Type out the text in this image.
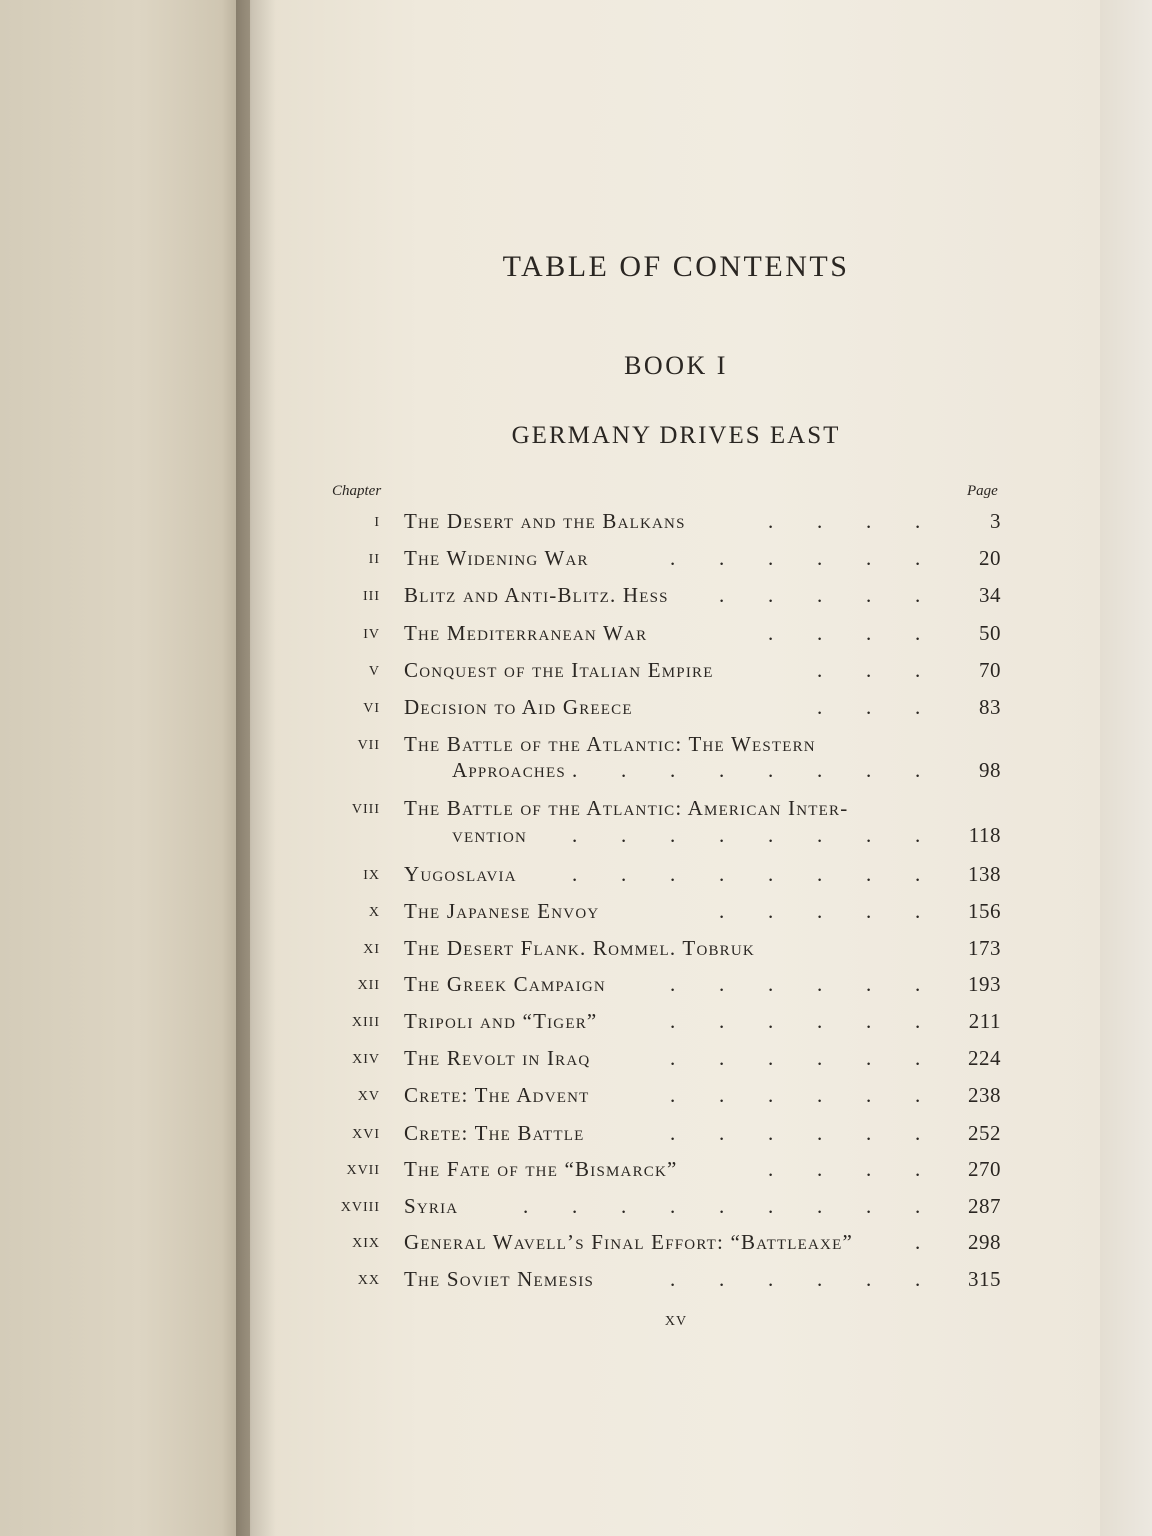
TABLE OF CONTENTS
BOOK I
GERMANY DRIVES EAST
Chapter	Page
i The Desert and the Balkans	. . . .	3
ii The Widening War	. . . . . .	20
iii Blitz and Anti-Blitz. Hess	. . . . .	34
iv The Mediterranean War	. . . .	50
v Conquest of the Italian Empire	. . .	70
vi Decision to Aid Greece	. . .	83
vii The Battle of the Atlantic: The Western
Approaches . . . . . . . .	98
viii The Battle of the Atlantic: American Inter-
vention	. . . . . . . .	118
ix Yugoslavia	. . . . . . . .	138
x The Japanese Envoy	. . . . .	156
xi The Desert Flank. Rommel. Tobruk	173
xii The Greek Campaign	. . . . . .	193
xiii Tripoli and “Tiger”	. . . . . .	211
xiv The Revolt in Iraq	. . . . . .	224
xv Crete: The Advent	. . . . . .	238
xvi Crete: The Battle	. . . . . .	252
xvii The Fate of the “Bismarck”	. . . .	270
xviii Syria	. . . . . . . . .	287
xix General Wavell’s Final Effort: “Battleaxe”	.	298
xx The Soviet Nemesis	. . . . . .	315
xv
